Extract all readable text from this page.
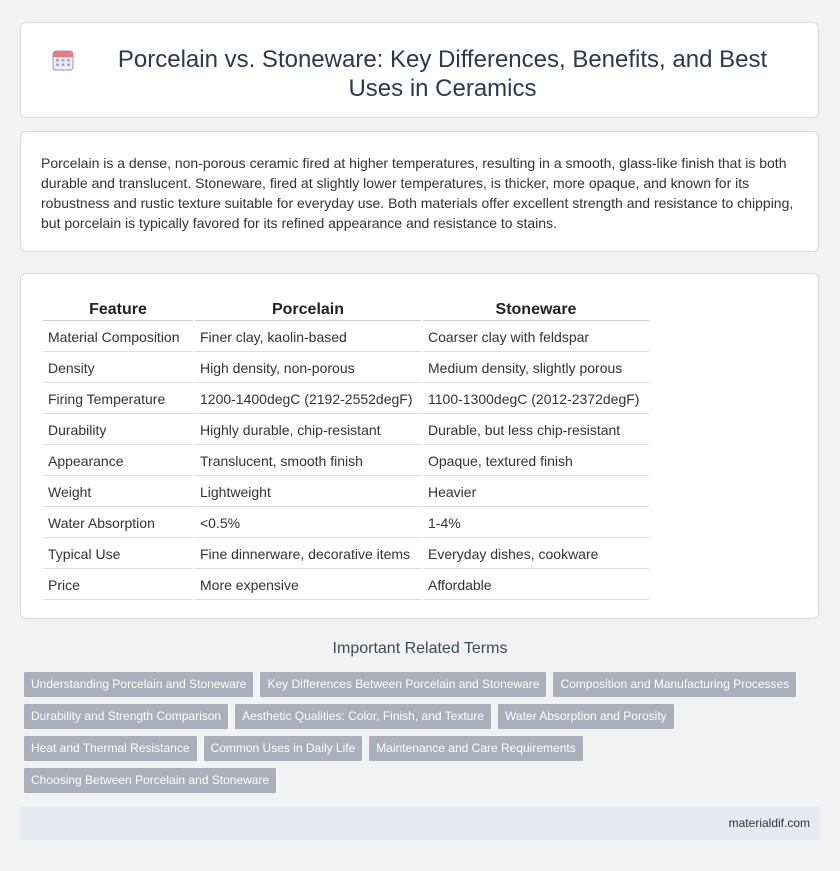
Porcelain vs. Stoneware: Key Differences, Benefits, and Best Uses in Ceramics

Porcelain is a dense, non-porous ceramic fired at higher temperatures, resulting in a smooth, glass-like finish that is both durable and translucent. Stoneware, fired at slightly lower temperatures, is thicker, more opaque, and known for its robustness and rustic texture suitable for everyday use. Both materials offer excellent strength and resistance to chipping, but porcelain is typically favored for its refined appearance and resistance to stains.

Feature	Porcelain	Stoneware
Material Composition	Finer clay, kaolin-based	Coarser clay with feldspar
Density	High density, non-porous	Medium density, slightly porous
Firing Temperature	1200-1400degC (2192-2552degF)	1100-1300degC (2012-2372degF)
Durability	Highly durable, chip-resistant	Durable, but less chip-resistant
Appearance	Translucent, smooth finish	Opaque, textured finish
Weight	Lightweight	Heavier
Water Absorption	<0.5%	1-4%
Typical Use	Fine dinnerware, decorative items	Everyday dishes, cookware
Price	More expensive	Affordable
Important Related Terms
Understanding Porcelain and Stoneware	Key Differences Between Porcelain and Stoneware	Composition and Manufacturing Processes
Durability and Strength Comparison	Aesthetic Qualities: Color, Finish, and Texture	Water Absorption and Porosity
Heat and Thermal Resistance	Common Uses in Daily Life	Maintenance and Care Requirements
Choosing Between Porcelain and Stoneware
materialdif.com
